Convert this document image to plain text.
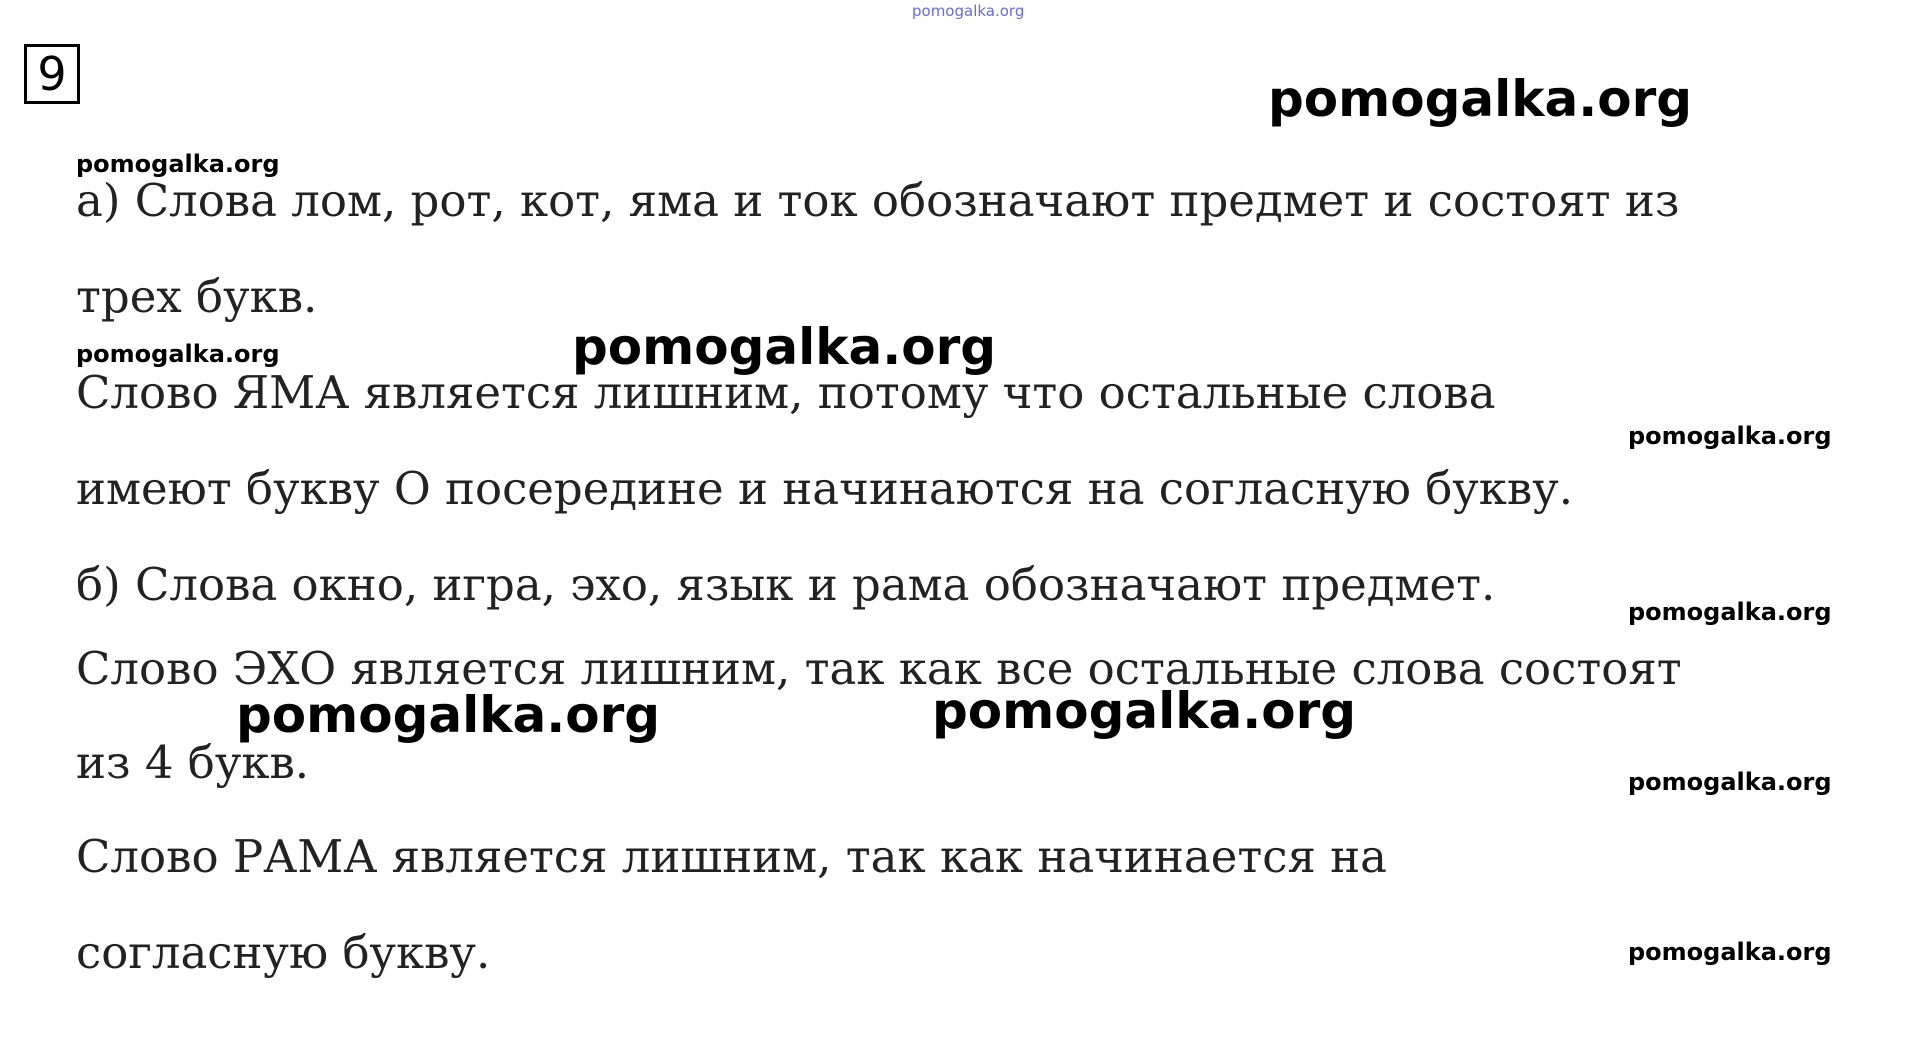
9
а) Слова лом, рот, кот, яма и ток обозначают предмет и состоят из
трех букв.
Слово ЯМА является лишним, потому что остальные слова
имеют букву О посередине и начинаются на согласную букву.
б) Слова окно, игра, эхо, язык и рама обозначают предмет.
Слово ЭХО является лишним, так как все остальные слова состоят
из 4 букв.
Слово РАМА является лишним, так как начинается на
согласную букву.
pomogalka.org
pomogalka.org
pomogalka.org
pomogalka.org	pomogalka.org
pomogalka.org
pomogalka.org
pomogalka.org	pomogalka.org
pomogalka.org
pomogalka.org
